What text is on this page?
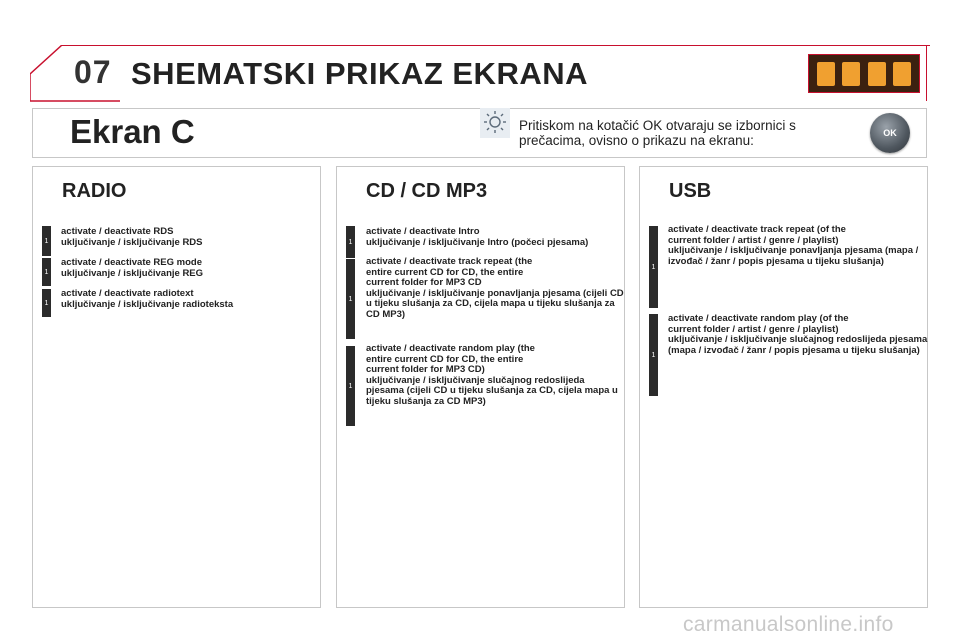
07 SHEMATSKI PRIKAZ EKRANA
Ekran C	Pritiskom na kotačić OK otvaraju se izbornici s prečacima, ovisno o prikazu na ekranu:	OK
RADIO
1
activate / deactivate RDS
uključivanje / isključivanje RDS
1
activate / deactivate REG mode
uključivanje / isključivanje REG
1
activate / deactivate radiotext
uključivanje / isključivanje radioteksta
CD / CD MP3
1
activate / deactivate Intro
uključivanje / isključivanje Intro (počeci pjesama)
1
activate / deactivate track repeat (the entire current CD for CD, the entire current folder for MP3 CD
uključivanje / isključivanje ponavljanja pjesama (cijeli CD u tijeku slušanja za CD, cijela mapa u tijeku slušanja za CD MP3)
1
activate / deactivate random play (the entire current CD for CD, the entire current folder for MP3 CD)
uključivanje / isključivanje slučajnog redoslijeda pjesama (cijeli CD u tijeku slušanja za CD, cijela mapa u tijeku slušanja za CD MP3)
USB
1
activate / deactivate track repeat (of the current folder / artist / genre / playlist)
uključivanje / isključivanje ponavljanja pjesama (mapa / izvođač / žanr / popis pjesama u tijeku slušanja)
1
activate / deactivate random play (of the current folder / artist / genre / playlist)
uključivanje / isključivanje slučajnog redoslijeda pjesama (mapa / izvođač / žanr / popis pjesama u tijeku slušanja)
carmanualsonline.info
